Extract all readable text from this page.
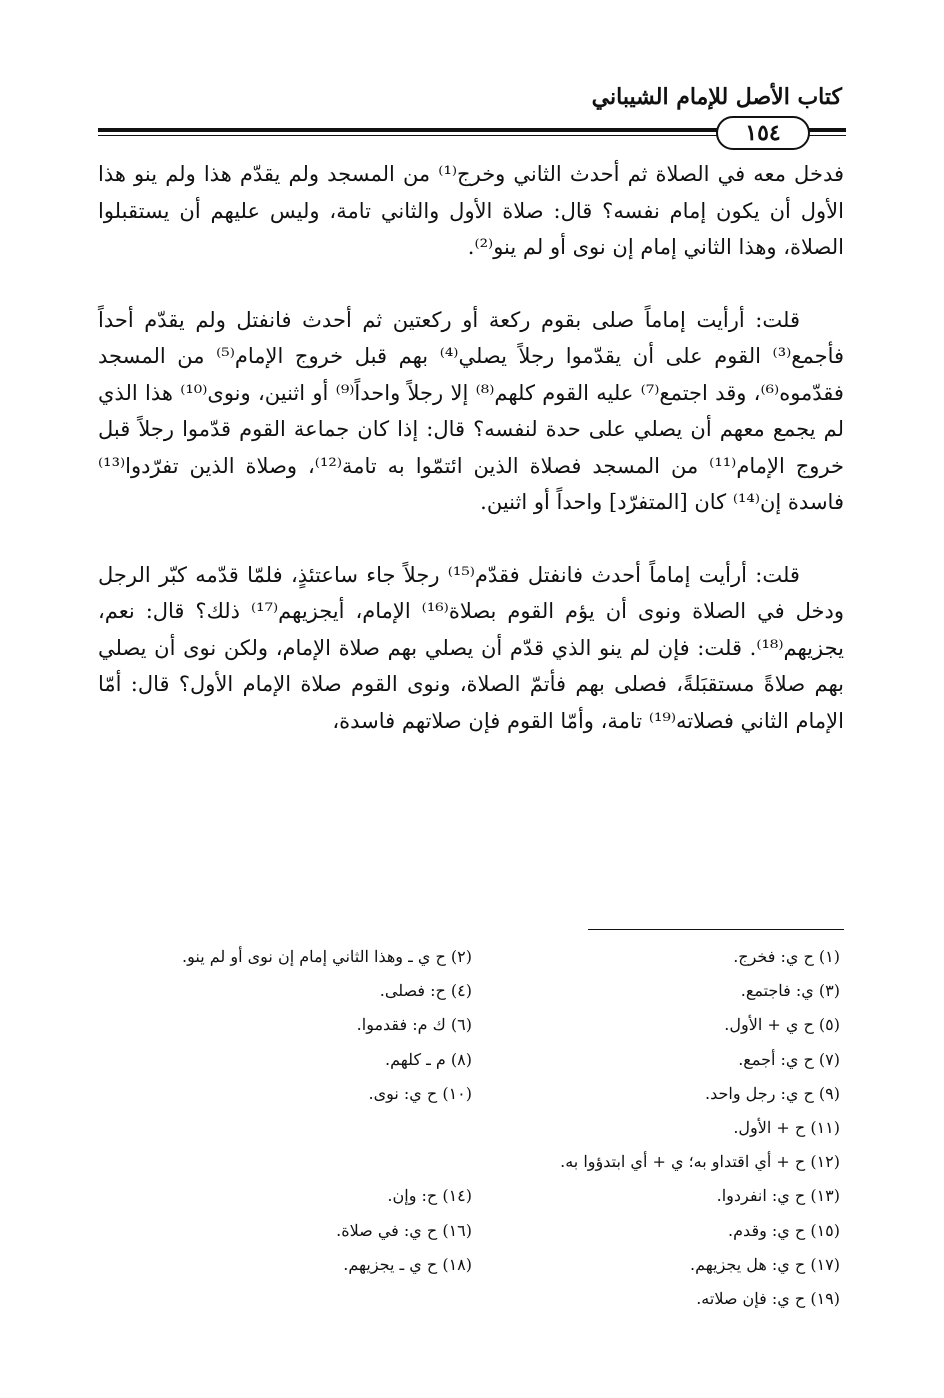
كتاب الأصل للإمام الشيباني
١٥٤

فدخل معه في الصلاة ثم أحدث الثاني وخرج⁽¹⁾ من المسجد ولم يقدّم هذا ولم ينو هذا الأول أن يكون إمام نفسه؟ قال: صلاة الأول والثاني تامة، وليس عليهم أن يستقبلوا الصلاة، وهذا الثاني إمام إن نوى أو لم ينو⁽²⁾.

قلت: أرأيت إماماً صلى بقوم ركعة أو ركعتين ثم أحدث فانفتل ولم يقدّم أحداً فأجمع⁽³⁾ القوم على أن يقدّموا رجلاً يصلي⁽⁴⁾ بهم قبل خروج الإمام⁽⁵⁾ من المسجد فقدّموه⁽⁶⁾، وقد اجتمع⁽⁷⁾ عليه القوم كلهم⁽⁸⁾ إلا رجلاً واحداً⁽⁹⁾ أو اثنين، ونوى⁽¹⁰⁾ هذا الذي لم يجمع معهم أن يصلي على حدة لنفسه؟ قال: إذا كان جماعة القوم قدّموا رجلاً قبل خروج الإمام⁽¹¹⁾ من المسجد فصلاة الذين ائتمّوا به تامة⁽¹²⁾، وصلاة الذين تفرّدوا⁽¹³⁾ فاسدة إن⁽¹⁴⁾ كان [المتفرّد] واحداً أو اثنين.

قلت: أرأيت إماماً أحدث فانفتل فقدّم⁽¹⁵⁾ رجلاً جاء ساعتئذٍ، فلمّا قدّمه كبّر الرجل ودخل في الصلاة ونوى أن يؤم القوم بصلاة⁽¹⁶⁾ الإمام، أيجزيهم⁽¹⁷⁾ ذلك؟ قال: نعم، يجزيهم⁽¹⁸⁾. قلت: فإن لم ينو الذي قدّم أن يصلي بهم صلاة الإمام، ولكن نوى أن يصلي بهم صلاةً مستقبَلةً، فصلى بهم فأتمّ الصلاة، ونوى القوم صلاة الإمام الأول؟ قال: أمّا الإمام الثاني فصلاته⁽¹⁹⁾ تامة، وأمّا القوم فإن صلاتهم فاسدة،

(١) ح ي: فخرج.
(٢) ح ي ـ وهذا الثاني إمام إن نوى أو لم ينو.
(٣) ي: فاجتمع.
(٤) ح: فصلى.
(٥) ح ي + الأول.
(٦) ك م: فقدموا.
(٧) ح ي: أجمع.
(٨) م ـ كلهم.
(٩) ح ي: رجل واحد.
(١٠) ح ي: نوى.
(١١) ح + الأول.
(١٢) ح + أي اقتداو به؛ ي + أي ابتدؤوا به.
(١٣) ح ي: انفردوا.
(١٤) ح: وإن.
(١٥) ح ي: وقدم.
(١٦) ح ي: في صلاة.
(١٧) ح ي: هل يجزيهم.
(١٨) ح ي ـ يجزيهم.
(١٩) ح ي: فإن صلاته.
